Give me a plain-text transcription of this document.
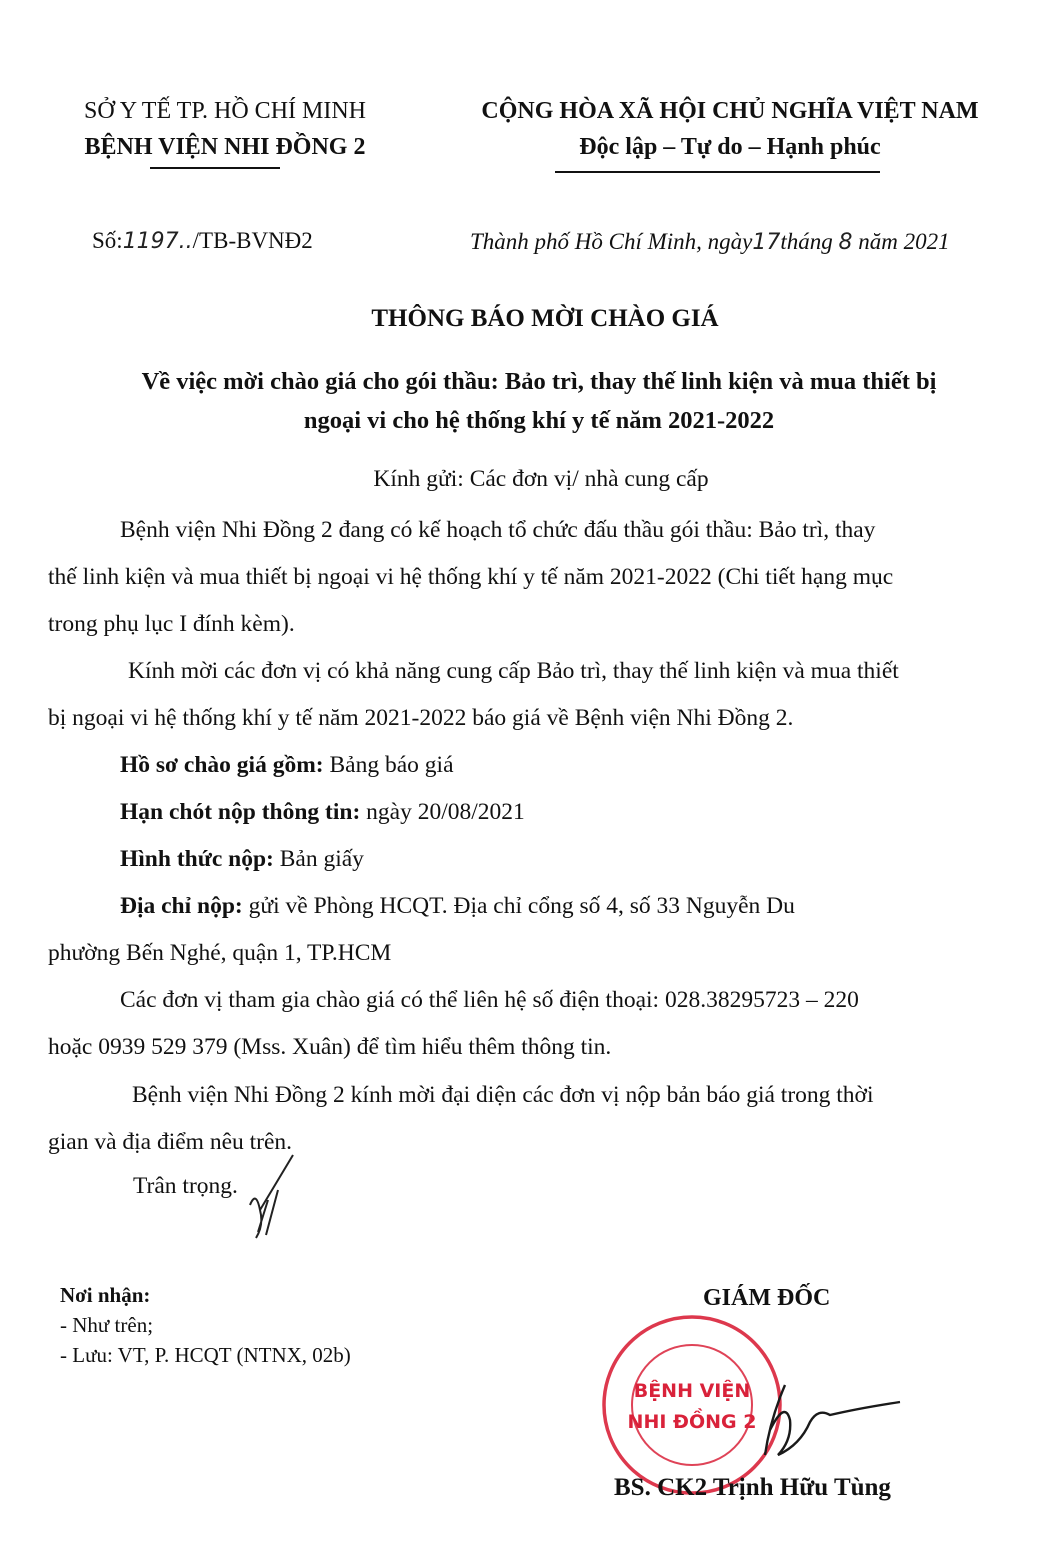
SỞ Y TẾ TP. HỒ CHÍ MINH
BỆNH VIỆN NHI ĐỒNG 2
CỘNG HÒA XÃ HỘI CHỦ NGHĨA VIỆT NAM
Độc lập – Tự do – Hạnh phúc
Số:1197../TB-BVNĐ2	Thành phố Hồ Chí Minh, ngày17tháng 8 năm 2021
THÔNG BÁO MỜI CHÀO GIÁ
Về việc mời chào giá cho gói thầu: Bảo trì, thay thế linh kiện và mua thiết bị
ngoại vi cho hệ thống khí y tế năm 2021-2022
Kính gửi: Các đơn vị/ nhà cung cấp
Bệnh viện Nhi Đồng 2 đang có kế hoạch tổ chức đấu thầu gói thầu: Bảo trì, thay
thế linh kiện và mua thiết bị ngoại vi hệ thống khí y tế năm 2021-2022 (Chi tiết hạng mục
trong phụ lục I đính kèm).
Kính mời các đơn vị có khả năng cung cấp Bảo trì, thay thế linh kiện và mua thiết
bị ngoại vi hệ thống khí y tế năm 2021-2022 báo giá về Bệnh viện Nhi Đồng 2.
Hồ sơ chào giá gồm: Bảng báo giá
Hạn chót nộp thông tin: ngày 20/08/2021
Hình thức nộp: Bản giấy
Địa chỉ nộp: gửi về Phòng HCQT. Địa chỉ cổng số 4, số 33 Nguyễn Du
phường Bến Nghé, quận 1, TP.HCM
Các đơn vị tham gia chào giá có thể liên hệ số điện thoại: 028.38295723 – 220
hoặc 0939 529 379 (Mss. Xuân) để tìm hiểu thêm thông tin.
Bệnh viện Nhi Đồng 2 kính mời đại diện các đơn vị nộp bản báo giá trong thời
gian và địa điểm nêu trên.
Trân trọng.
Nơi nhận:
- Như trên;
- Lưu: VT, P. HCQT (NTNX, 02b)
GIÁM ĐỐC
BỆNH VIỆN
NHI ĐỒNG 2
BS. CK2 Trịnh Hữu Tùng
